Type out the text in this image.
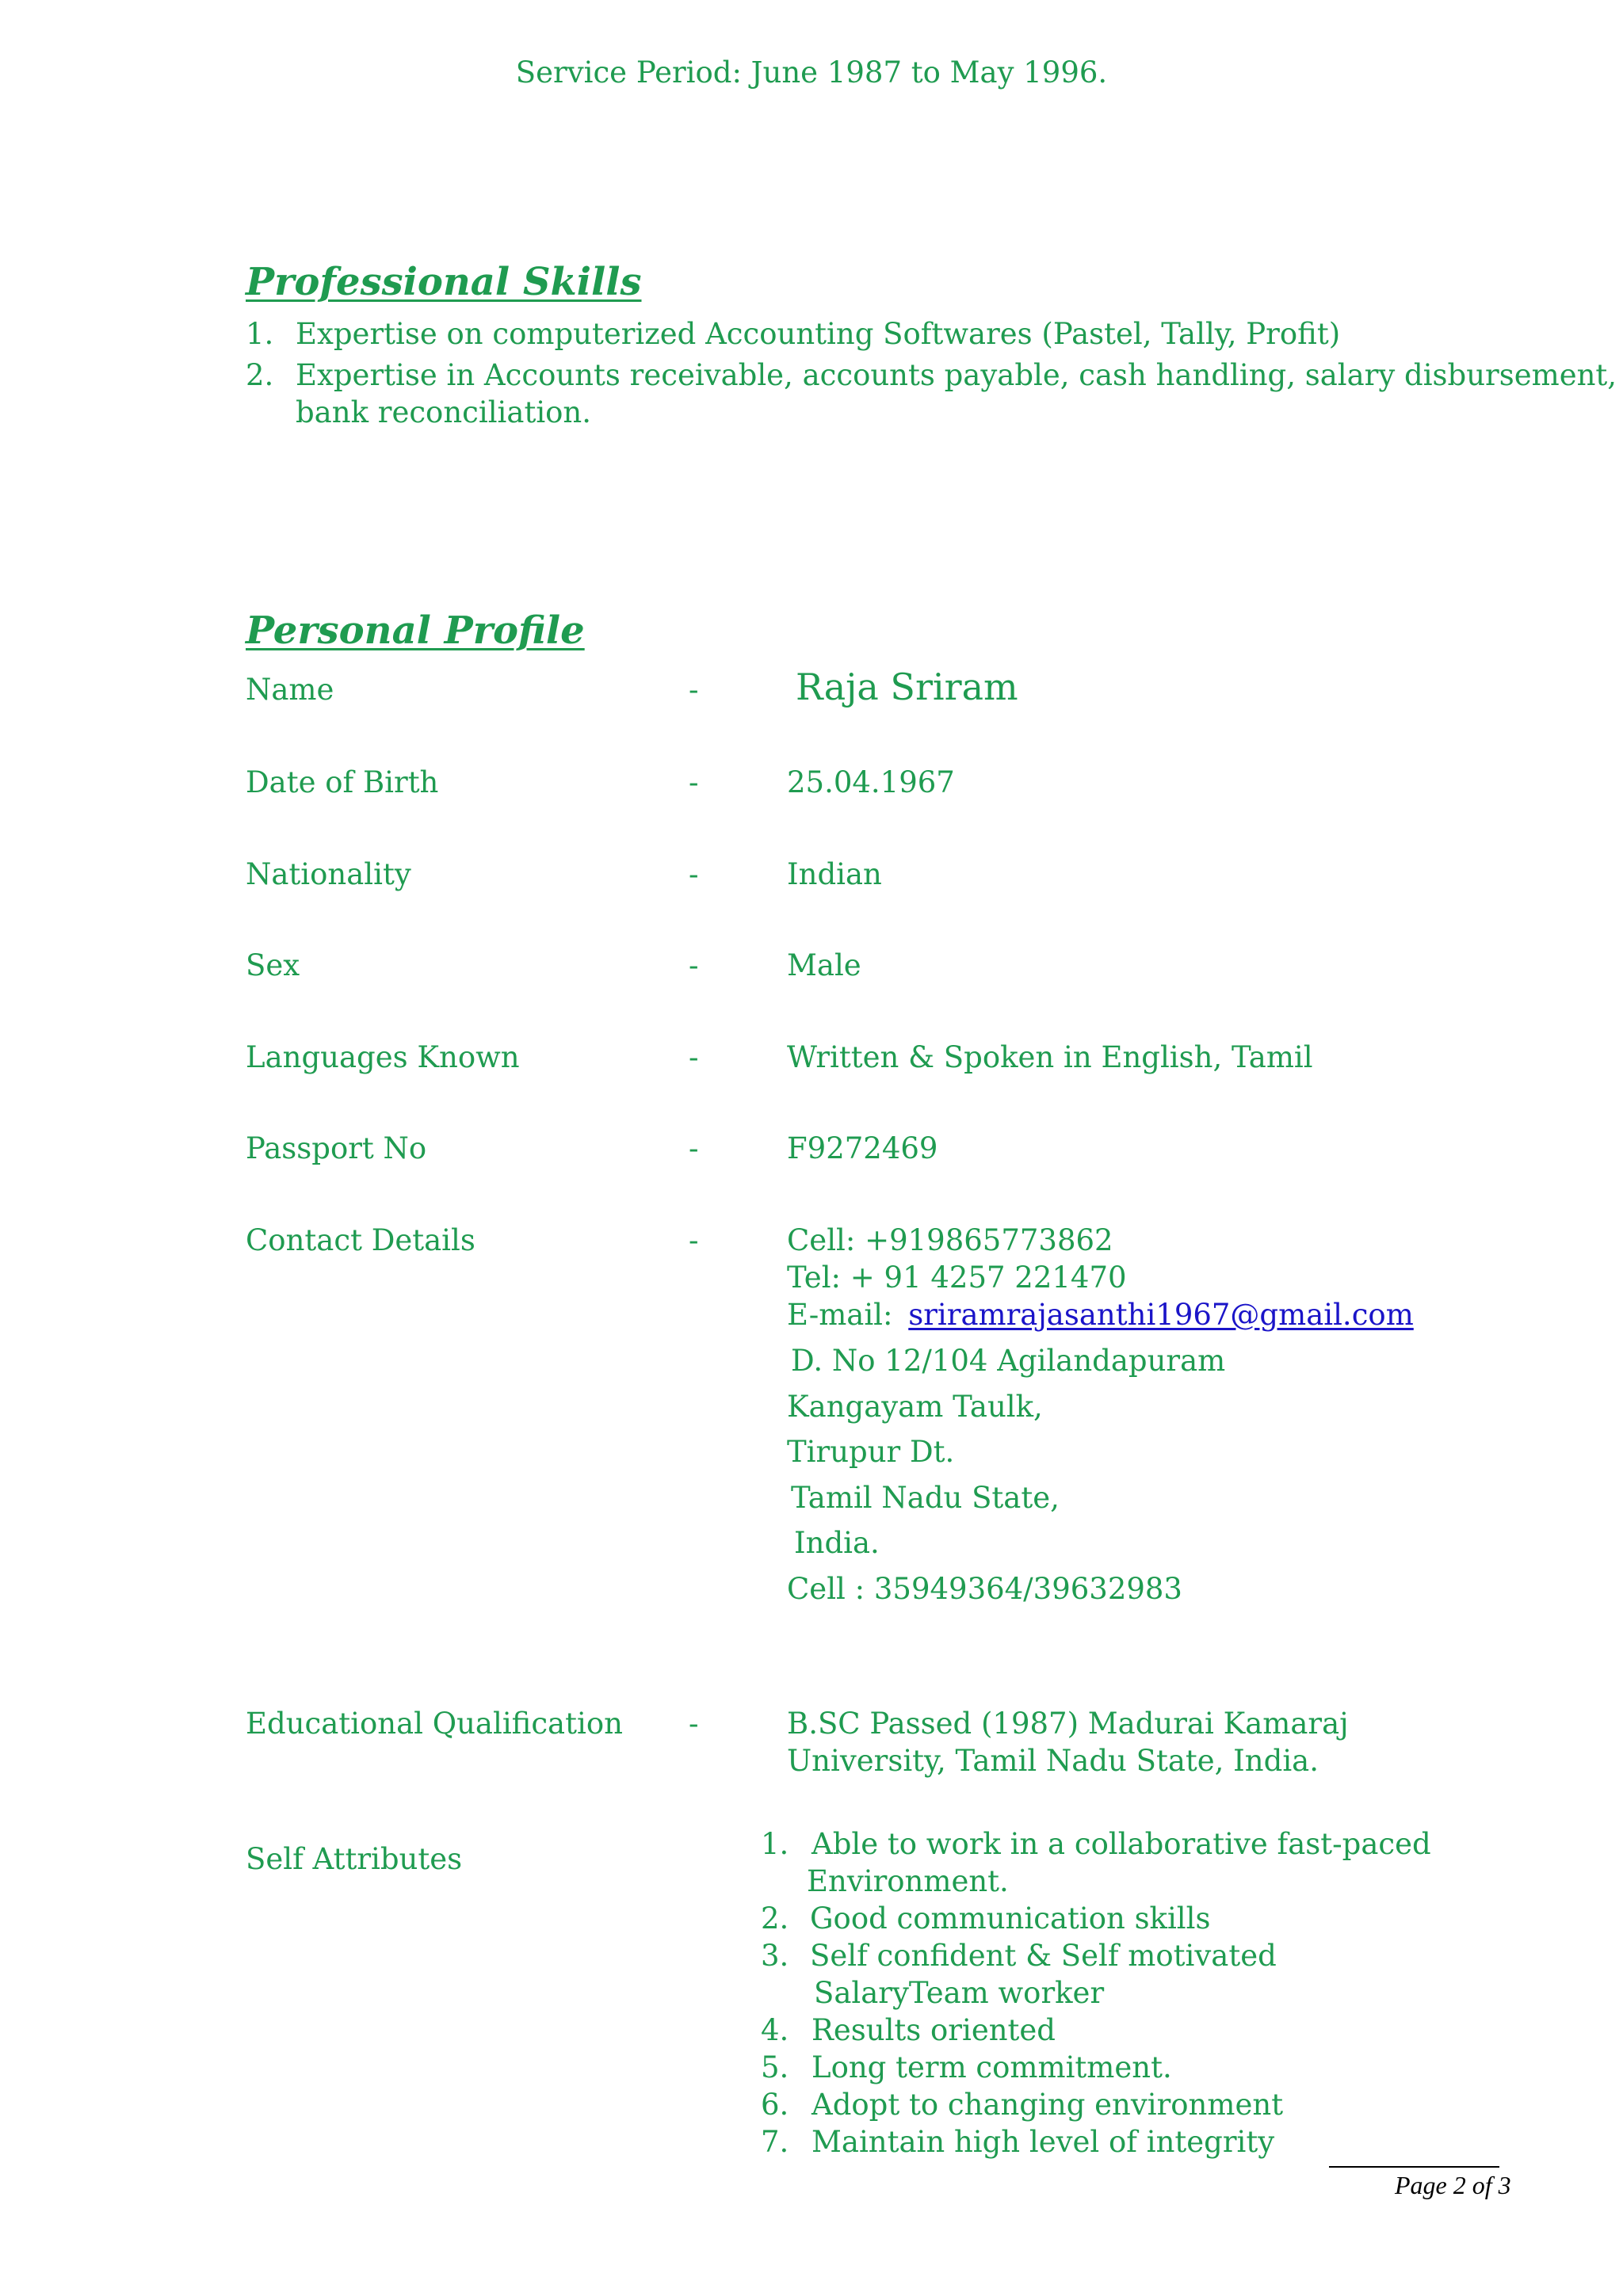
Service Period: June 1987 to May 1996.
Professional Skills
1. Expertise on computerized Accounting Softwares (Pastel, Tally, Profit)
2. Expertise in Accounts receivable, accounts payable, cash handling, salary disbursement,
bank reconciliation.
Personal Profile
Name	-	Raja Sriram
Date of Birth	-	25.04.1967
Nationality	-	Indian
Sex	-	Male
Languages Known	-	Written & Spoken in English, Tamil
Passport No	-	F9272469
Contact Details	-	Cell: +919865773862
Tel: + 91 4257 221470
E-mail: sriramrajasanthi1967@gmail.com
D. No 12/104 Agilandapuram
Kangayam Taulk,
Tirupur Dt.
Tamil Nadu State,
India.
Cell : 35949364/39632983
Educational Qualification -	B.SC Passed (1987) Madurai Kamaraj
University, Tamil Nadu State, India.
Self Attributes	1. Able to work in a collaborative fast-paced
Environment.
2. Good communication skills
3. Self confident & Self motivated
SalaryTeam worker
4. Results oriented
5. Long term commitment.
6. Adopt to changing environment
7. Maintain high level of integrity
Page 2 of 3
